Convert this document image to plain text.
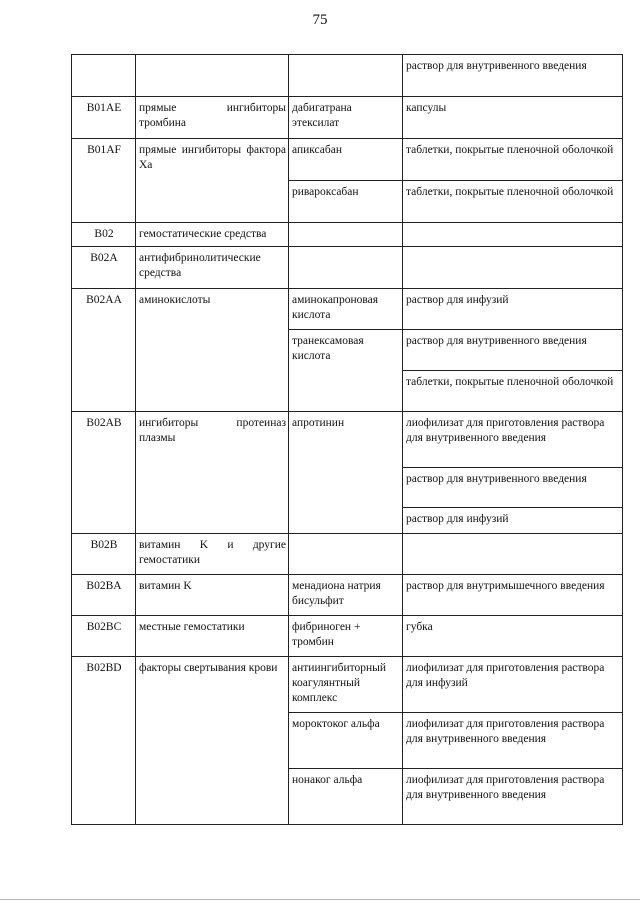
75
			раствор для внутривенного введения
B01AE	прямые ингибиторы тромбина	дабигатрана этексилат	капсулы
B01AF	прямые ингибиторы фактора Xa	апиксабан	таблетки, покрытые пленочной оболочкой
		ривароксабан	таблетки, покрытые пленочной оболочкой
B02	гемостатические средства		
B02A	антифибринолитические средства		
B02AA	аминокислоты	аминокапроновая кислота	раствор для инфузий
		транексамовая кислота	раствор для внутривенного введения
			таблетки, покрытые пленочной оболочкой
B02AB	ингибиторы протеиназ плазмы	апротинин	лиофилизат для приготовления раствора для внутривенного введения
			раствор для внутривенного введения
			раствор для инфузий
B02B	витамин K и другие гемостатики		
B02BA	витамин K	менадиона натрия бисульфит	раствор для внутримышечного введения
B02BC	местные гемостатики	фибриноген + тромбин	губка
B02BD	факторы свертывания крови	антиингибиторный коагулянтный комплекс	лиофилизат для приготовления раствора для инфузий
		мороктоког альфа	лиофилизат для приготовления раствора для внутривенного введения
		нонаког альфа	лиофилизат для приготовления раствора для внутривенного введения
